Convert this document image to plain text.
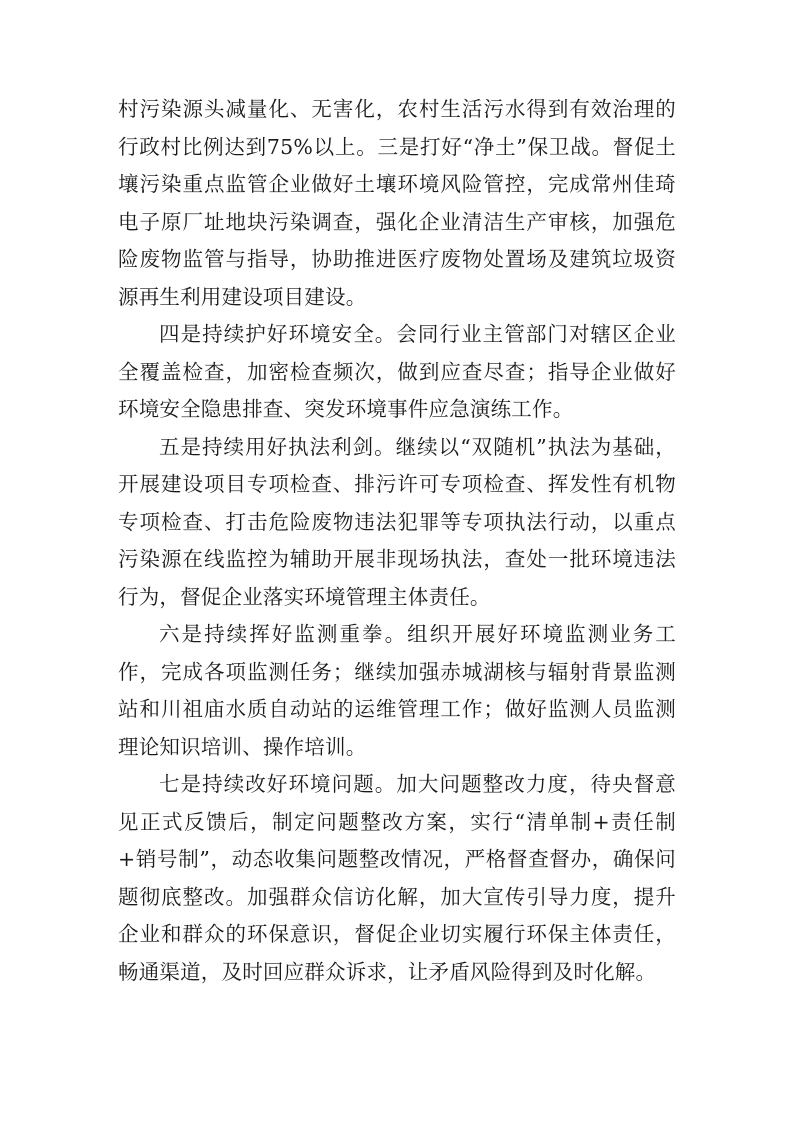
村污染源头减量化、无害化，农村生活污水得到有效治理的行政村比例达到75%以上。三是打好“净土”保卫战。督促土壤污染重点监管企业做好土壤环境风险管控，完成常州佳琦电子原厂址地块污染调查，强化企业清洁生产审核，加强危险废物监管与指导，协助推进医疗废物处置场及建筑垃圾资源再生利用建设项目建设。

四是持续护好环境安全。会同行业主管部门对辖区企业全覆盖检查，加密检查频次，做到应查尽查；指导企业做好环境安全隐患排查、突发环境事件应急演练工作。

五是持续用好执法利剑。继续以“双随机”执法为基础，开展建设项目专项检查、排污许可专项检查、挥发性有机物专项检查、打击危险废物违法犯罪等专项执法行动，以重点污染源在线监控为辅助开展非现场执法，查处一批环境违法行为，督促企业落实环境管理主体责任。

六是持续挥好监测重拳。组织开展好环境监测业务工作，完成各项监测任务；继续加强赤城湖核与辐射背景监测站和川祖庙水质自动站的运维管理工作；做好监测人员监测理论知识培训、操作培训。

七是持续改好环境问题。加大问题整改力度，待央督意见正式反馈后，制定问题整改方案，实行“清单制+责任制+销号制”，动态收集问题整改情况，严格督查督办，确保问题彻底整改。加强群众信访化解，加大宣传引导力度，提升企业和群众的环保意识，督促企业切实履行环保主体责任，畅通渠道，及时回应群众诉求，让矛盾风险得到及时化解。
